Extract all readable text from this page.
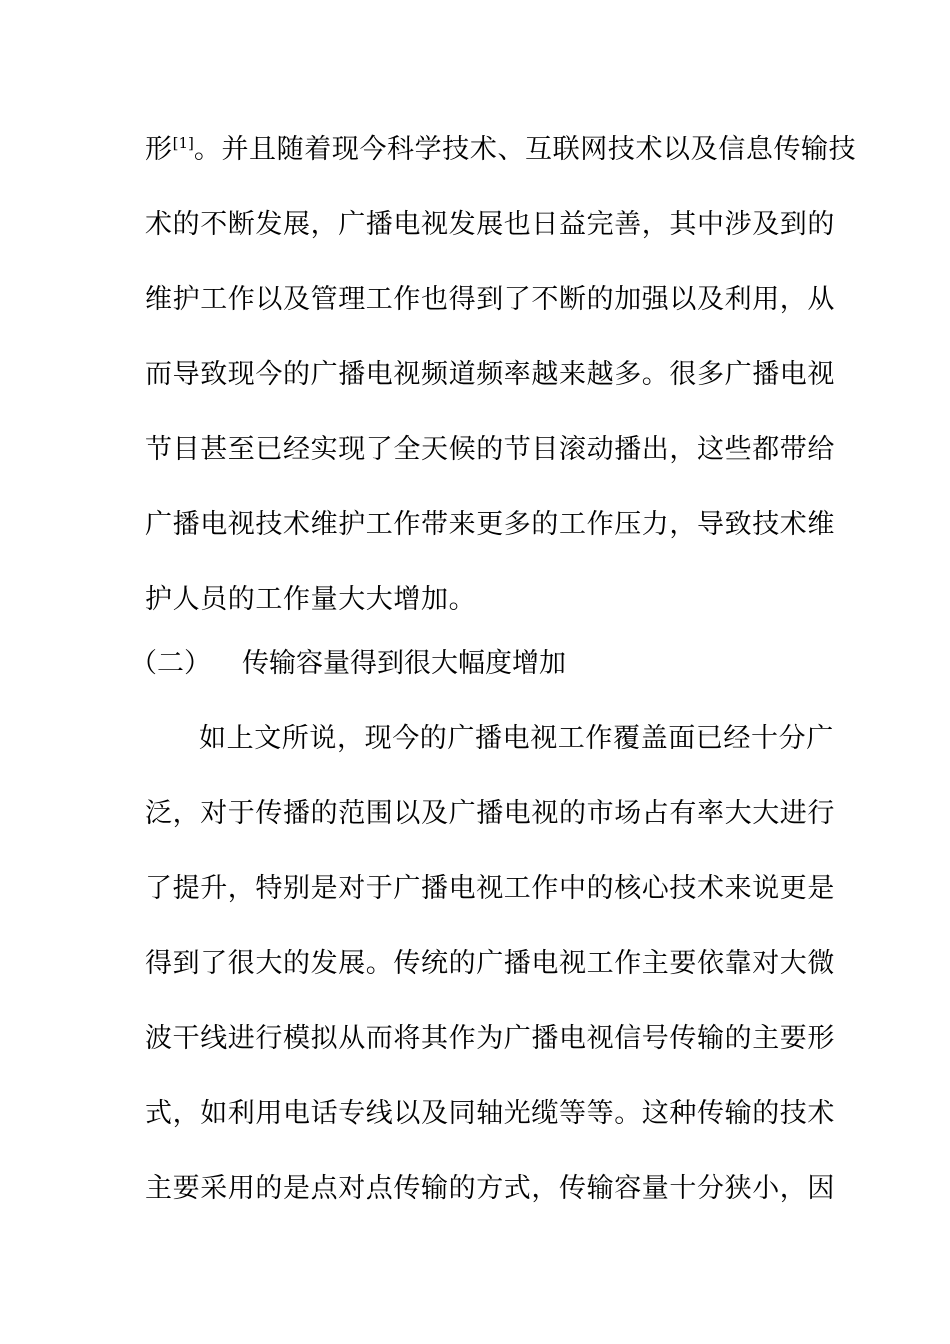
形[1]。并且随着现今科学技术、互联网技术以及信息传输技
术的不断发展，广播电视发展也日益完善，其中涉及到的
维护工作以及管理工作也得到了不断的加强以及利用，从
而导致现今的广播电视频道频率越来越多。很多广播电视
节目甚至已经实现了全天候的节目滚动播出，这些都带给
广播电视技术维护工作带来更多的工作压力，导致技术维
护人员的工作量大大增加。
（二） 传输容量得到很大幅度增加
如上文所说，现今的广播电视工作覆盖面已经十分广
泛，对于传播的范围以及广播电视的市场占有率大大进行
了提升，特别是对于广播电视工作中的核心技术来说更是
得到了很大的发展。传统的广播电视工作主要依靠对大微
波干线进行模拟从而将其作为广播电视信号传输的主要形
式，如利用电话专线以及同轴光缆等等。这种传输的技术
主要采用的是点对点传输的方式，传输容量十分狭小，因
